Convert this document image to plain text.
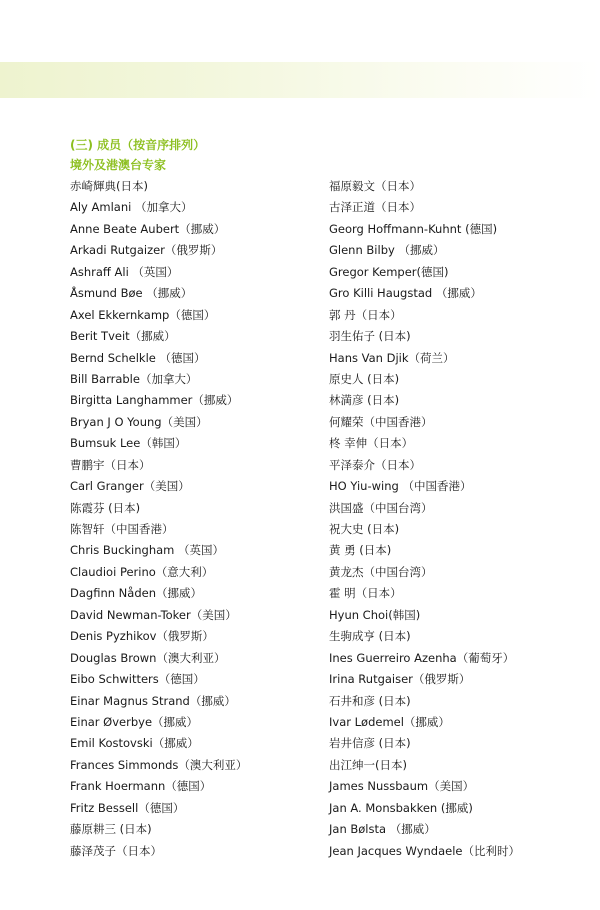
(三) 成员（按音序排列）
境外及港澳台专家
赤崎輝典(日本)
Aly Amlani （加拿大）
Anne Beate Aubert（挪威）
Arkadi Rutgaizer（俄罗斯）
Ashraff Ali （英国）
Åsmund Bøe （挪威）
Axel Ekkernkamp（德国）
Berit Tveit（挪威）
Bernd Schelkle （德国）
Bill Barrable（加拿大）
Birgitta Langhammer（挪威）
Bryan J O Young（美国）
Bumsuk Lee（韩国）
曹鹏宇（日本）
Carl Granger（美国）
陈霞芬 (日本)
陈智轩（中国香港）
Chris Buckingham （英国）
Claudioi Perino（意大利）
Dagfinn Nåden（挪威）
David Newman-Toker（美国）
Denis Pyzhikov（俄罗斯）
Douglas Brown（澳大利亚）
Eibo Schwitters（德国）
Einar Magnus Strand（挪威）
Einar Øverbye（挪威）
Emil Kostovski（挪威）
Frances Simmonds（澳大利亚）
Frank Hoermann（德国）
Fritz Bessell（德国）
藤原耕三 (日本)
藤泽茂子（日本）
福原毅文（日本）
古泽正道（日本）
Georg Hoffmann-Kuhnt (德国)
Glenn Bilby （挪威）
Gregor Kemper(德国)
Gro Killi Haugstad （挪威）
郭 丹（日本）
羽生佑子 (日本)
Hans Van Djik（荷兰）
原史人 (日本)
林満彦 (日本)
何耀荣（中国香港）
柊 幸伸（日本）
平泽泰介（日本）
HO Yiu-wing （中国香港）
洪国盛（中国台湾）
祝大史 (日本)
黄 勇 (日本)
黄龙杰（中国台湾）
霍 明（日本）
Hyun Choi(韩国)
生驹成亨 (日本)
Ines Guerreiro Azenha（葡萄牙）
Irina Rutgaiser（俄罗斯）
石井和彦 (日本)
Ivar Lødemel（挪威）
岩井信彦 (日本)
出江绅一(日本)
James Nussbaum（美国）
Jan A. Monsbakken (挪威)
Jan Bølsta （挪威）
Jean Jacques Wyndaele（比利时）
